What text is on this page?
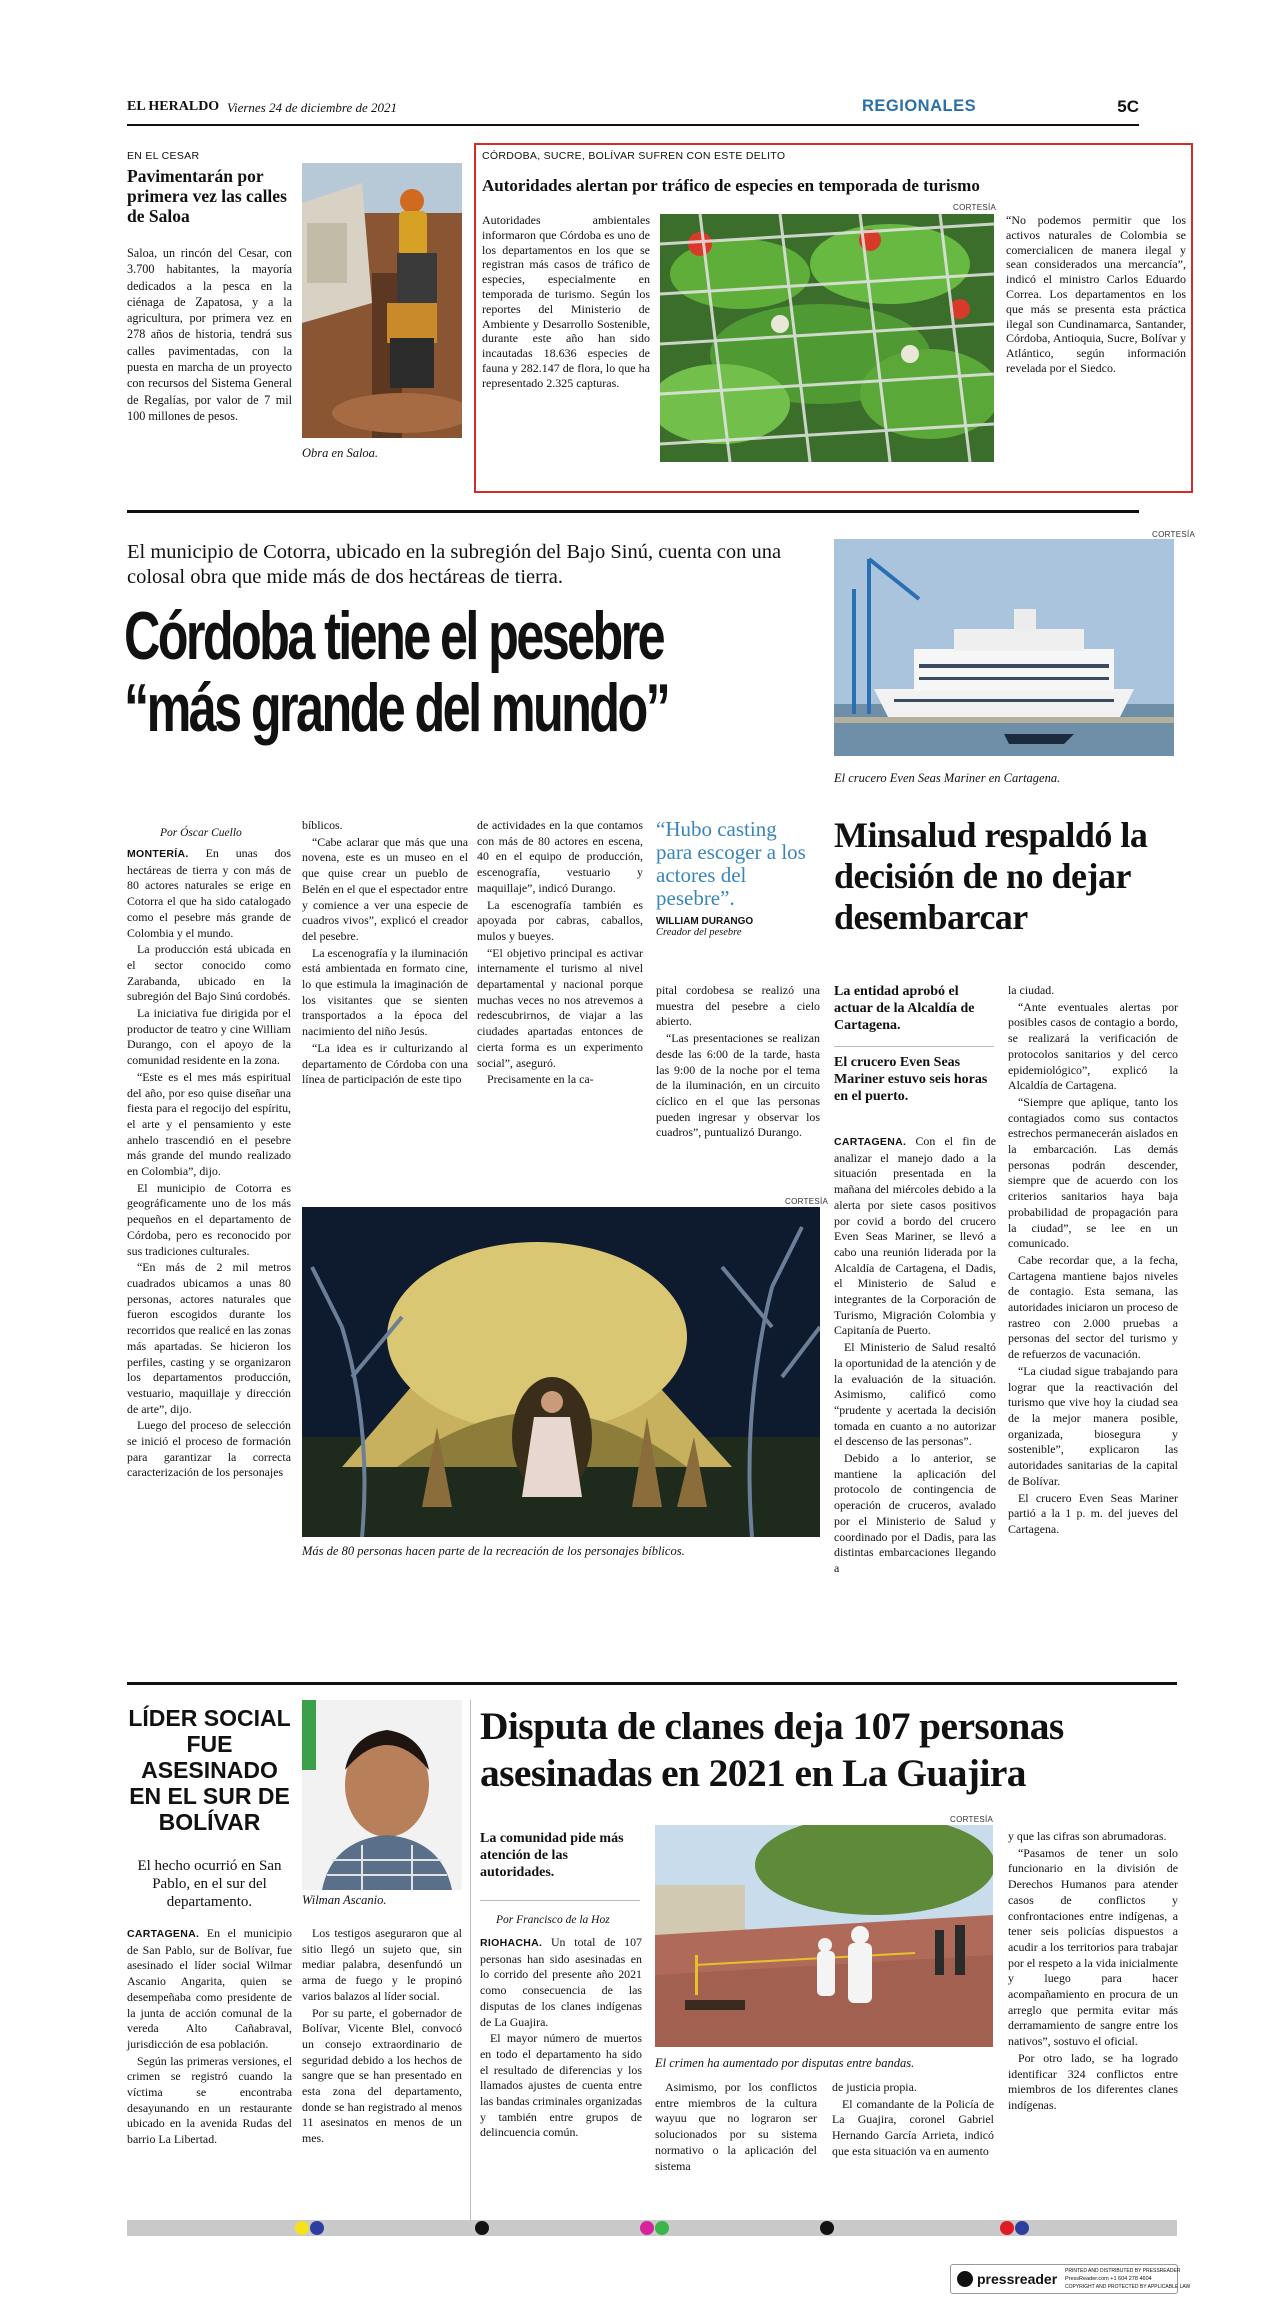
EL HERALDO Viernes 24 de diciembre de 2021	REGIONALES	5C
EN EL CESAR
Pavimentarán por primera vez las calles de Saloa

Saloa, un rincón del Cesar, con 3.700 habitantes, la mayoría dedicados a la pesca en la ciénaga de Zapatosa, y a la agricultura, por primera vez en 278 años de historia, tendrá sus calles pavimentadas, con la puesta en marcha de un proyecto con recursos del Sistema General de Regalías, por valor de 7 mil 100 millones de pesos.

Obra en Saloa.
CÓRDOBA, SUCRE, BOLÍVAR SUFREN CON ESTE DELITO
Autoridades alertan por tráfico de especies en temporada de turismo
CORTESÍA

Autoridades ambientales informaron que Córdoba es uno de los departamentos en los que se registran más casos de tráfico de especies, especialmente en temporada de turismo. Según los reportes del Ministerio de Ambiente y Desarrollo Sostenible, durante este año han sido incautadas 18.636 especies de fauna y 282.147 de flora, lo que ha representado 2.325 capturas.

“No podemos permitir que los activos naturales de Colombia se comercialicen de manera ilegal y sean considerados una mercancía”, indicó el ministro Carlos Eduardo Correa. Los departamentos en los que más se presenta esta práctica ilegal son Cundinamarca, Santander, Córdoba, Antioquia, Sucre, Bolívar y Atlántico, según información revelada por el Siedco.

El municipio de Cotorra, ubicado en la subregión del Bajo Sinú, cuenta con una colosal obra que mide más de dos hectáreas de tierra.
Córdoba tiene el pesebre
“más grande del mundo”
Por Óscar Cuello

MONTERÍA. En unas dos hectáreas de tierra y con más de 80 actores naturales se erige en Cotorra el que ha sido catalogado como el pesebre más grande de Colombia y el mundo.

La producción está ubicada en el sector conocido como Zarabanda, ubicado en la subregión del Bajo Sinú cordobés.

La iniciativa fue dirigida por el productor de teatro y cine William Durango, con el apoyo de la comunidad residente en la zona.

“Este es el mes más espiritual del año, por eso quise diseñar una fiesta para el regocijo del espíritu, el arte y el pensamiento y este anhelo trascendió en el pesebre más grande del mundo realizado en Colombia”, dijo.

El municipio de Cotorra es geográficamente uno de los más pequeños en el departamento de Córdoba, pero es reconocido por sus tradiciones culturales.

“En más de 2 mil metros cuadrados ubicamos a unas 80 personas, actores naturales que fueron escogidos durante los recorridos que realicé en las zonas más apartadas. Se hicieron los perfiles, casting y se organizaron los departamentos producción, vestuario, maquillaje y dirección de arte”, dijo.

Luego del proceso de selección se inició el proceso de formación para garantizar la correcta caracterización de los personajes

bíblicos.

“Cabe aclarar que más que una novena, este es un museo en el que quise crear un pueblo de Belén en el que el espectador entre y comience a ver una especie de cuadros vivos”, explicó el creador del pesebre.

La escenografía y la iluminación está ambientada en formato cine, lo que estimula la imaginación de los visitantes que se sienten transportados a la época del nacimiento del niño Jesús.

“La idea es ir culturizando al departamento de Córdoba con una línea de participación de este tipo

de actividades en la que contamos con más de 80 actores en escena, 40 en el equipo de producción, escenografía, vestuario y maquillaje”, indicó Durango.

La escenografía también es apoyada por cabras, caballos, mulos y bueyes.

“El objetivo principal es activar internamente el turismo al nivel departamental y nacional porque muchas veces no nos atrevemos a redescubrirnos, de viajar a las ciudades apartadas entonces de cierta forma es un experimento social”, aseguró.

Precisamente en la ca-

“Hubo casting para escoger a los actores del pesebre”.
WILLIAM DURANGO
Creador del pesebre

pital cordobesa se realizó una muestra del pesebre a cielo abierto.

“Las presentaciones se realizan desde las 6:00 de la tarde, hasta las 9:00 de la noche por el tema de la iluminación, en un circuito cíclico en el que las personas pueden ingresar y observar los cuadros”, puntualizó Durango.

CORTESÍA
Más de 80 personas hacen parte de la recreación de los personajes bíblicos.
CORTESÍA
El crucero Even Seas Mariner en Cartagena.
Minsalud respaldó la decisión de no dejar desembarcar
La entidad aprobó el actuar de la Alcaldía de Cartagena.
El crucero Even Seas Mariner estuvo seis horas en el puerto.

CARTAGENA. Con el fin de analizar el manejo dado a la situación presentada en la mañana del miércoles debido a la alerta por siete casos positivos por covid a bordo del crucero Even Seas Mariner, se llevó a cabo una reunión liderada por la Alcaldía de Cartagena, el Dadis, el Ministerio de Salud e integrantes de la Corporación de Turismo, Migración Colombia y Capitanía de Puerto.

El Ministerio de Salud resaltó la oportunidad de la atención y de la evaluación de la situación. Asimismo, calificó como “prudente y acertada la decisión tomada en cuanto a no autorizar el descenso de las personas”.

Debido a lo anterior, se mantiene la aplicación del protocolo de contingencia de operación de cruceros, avalado por el Ministerio de Salud y coordinado por el Dadis, para las distintas embarcaciones llegando a

la ciudad.

“Ante eventuales alertas por posibles casos de contagio a bordo, se realizará la verificación de protocolos sanitarios y del cerco epidemiológico”, explicó la Alcaldía de Cartagena.

“Siempre que aplique, tanto los contagiados como sus contactos estrechos permanecerán aislados en la embarcación. Las demás personas podrán descender, siempre que de acuerdo con los criterios sanitarios haya baja probabilidad de propagación para la ciudad”, se lee en un comunicado.

Cabe recordar que, a la fecha, Cartagena mantiene bajos niveles de contagio. Esta semana, las autoridades iniciaron un proceso de rastreo con 2.000 pruebas a personas del sector del turismo y de refuerzos de vacunación.

“La ciudad sigue trabajando para lograr que la reactivación del turismo que vive hoy la ciudad sea de la mejor manera posible, organizada, biosegura y sostenible”, explicaron las autoridades sanitarias de la capital de Bolívar.

El crucero Even Seas Mariner partió a la 1 p. m. del jueves del Cartagena.

LÍDER SOCIAL FUE ASESINADO EN EL SUR DE BOLÍVAR
El hecho ocurrió en San Pablo, en el sur del departamento.	Wilman Ascanio.

CARTAGENA. En el municipio de San Pablo, sur de Bolívar, fue asesinado el líder social Wilmar Ascanio Angarita, quien se desempeñaba como presidente de la junta de acción comunal de la vereda Alto Cañabraval, jurisdicción de esa población.

Según las primeras versiones, el crimen se registró cuando la víctima se encontraba desayunando en un restaurante ubicado en la avenida Rudas del barrio La Libertad.

Los testigos aseguraron que al sitio llegó un sujeto que, sin mediar palabra, desenfundó un arma de fuego y le propinó varios balazos al líder social.

Por su parte, el gobernador de Bolívar, Vicente Blel, convocó un consejo extraordinario de seguridad debido a los hechos de sangre que se han presentado en esta zona del departamento, donde se han registrado al menos 11 asesinatos en menos de un mes.

Disputa de clanes deja 107 personas asesinadas en 2021 en La Guajira
La comunidad pide más atención de las autoridades.
Por Francisco de la Hoz

RIOHACHA. Un total de 107 personas han sido asesinadas en lo corrido del presente año 2021 como consecuencia de las disputas de los clanes indígenas de La Guajira.

El mayor número de muertos en todo el departamento ha sido el resultado de diferencias y los llamados ajustes de cuenta entre las bandas criminales organizadas y también entre grupos de delincuencia común.

CORTESÍA
El crimen ha aumentado por disputas entre bandas.

Asimismo, por los conflictos entre miembros de la cultura wayuu que no lograron ser solucionados por su sistema normativo o la aplicación del sistema

de justicia propia.

El comandante de la Policía de La Guajira, coronel Gabriel Hernando García Arrieta, indicó que esta situación va en aumento

y que las cifras son abrumadoras.

“Pasamos de tener un solo funcionario en la división de Derechos Humanos para atender casos de conflictos y confrontaciones entre indígenas, a tener seis policías dispuestos a acudir a los territorios para trabajar por el respeto a la vida inicialmente y luego para hacer acompañamiento en procura de un arreglo que permita evitar más derramamiento de sangre entre los nativos”, sostuvo el oficial.

Por otro lado, se ha logrado identificar 324 conflictos entre miembros de los diferentes clanes indígenas.

pressreader PRINTED AND DISTRIBUTED BY PRESSREADER
PressReader.com +1 604 278 4604
COPYRIGHT AND PROTECTED BY APPLICABLE LAW
